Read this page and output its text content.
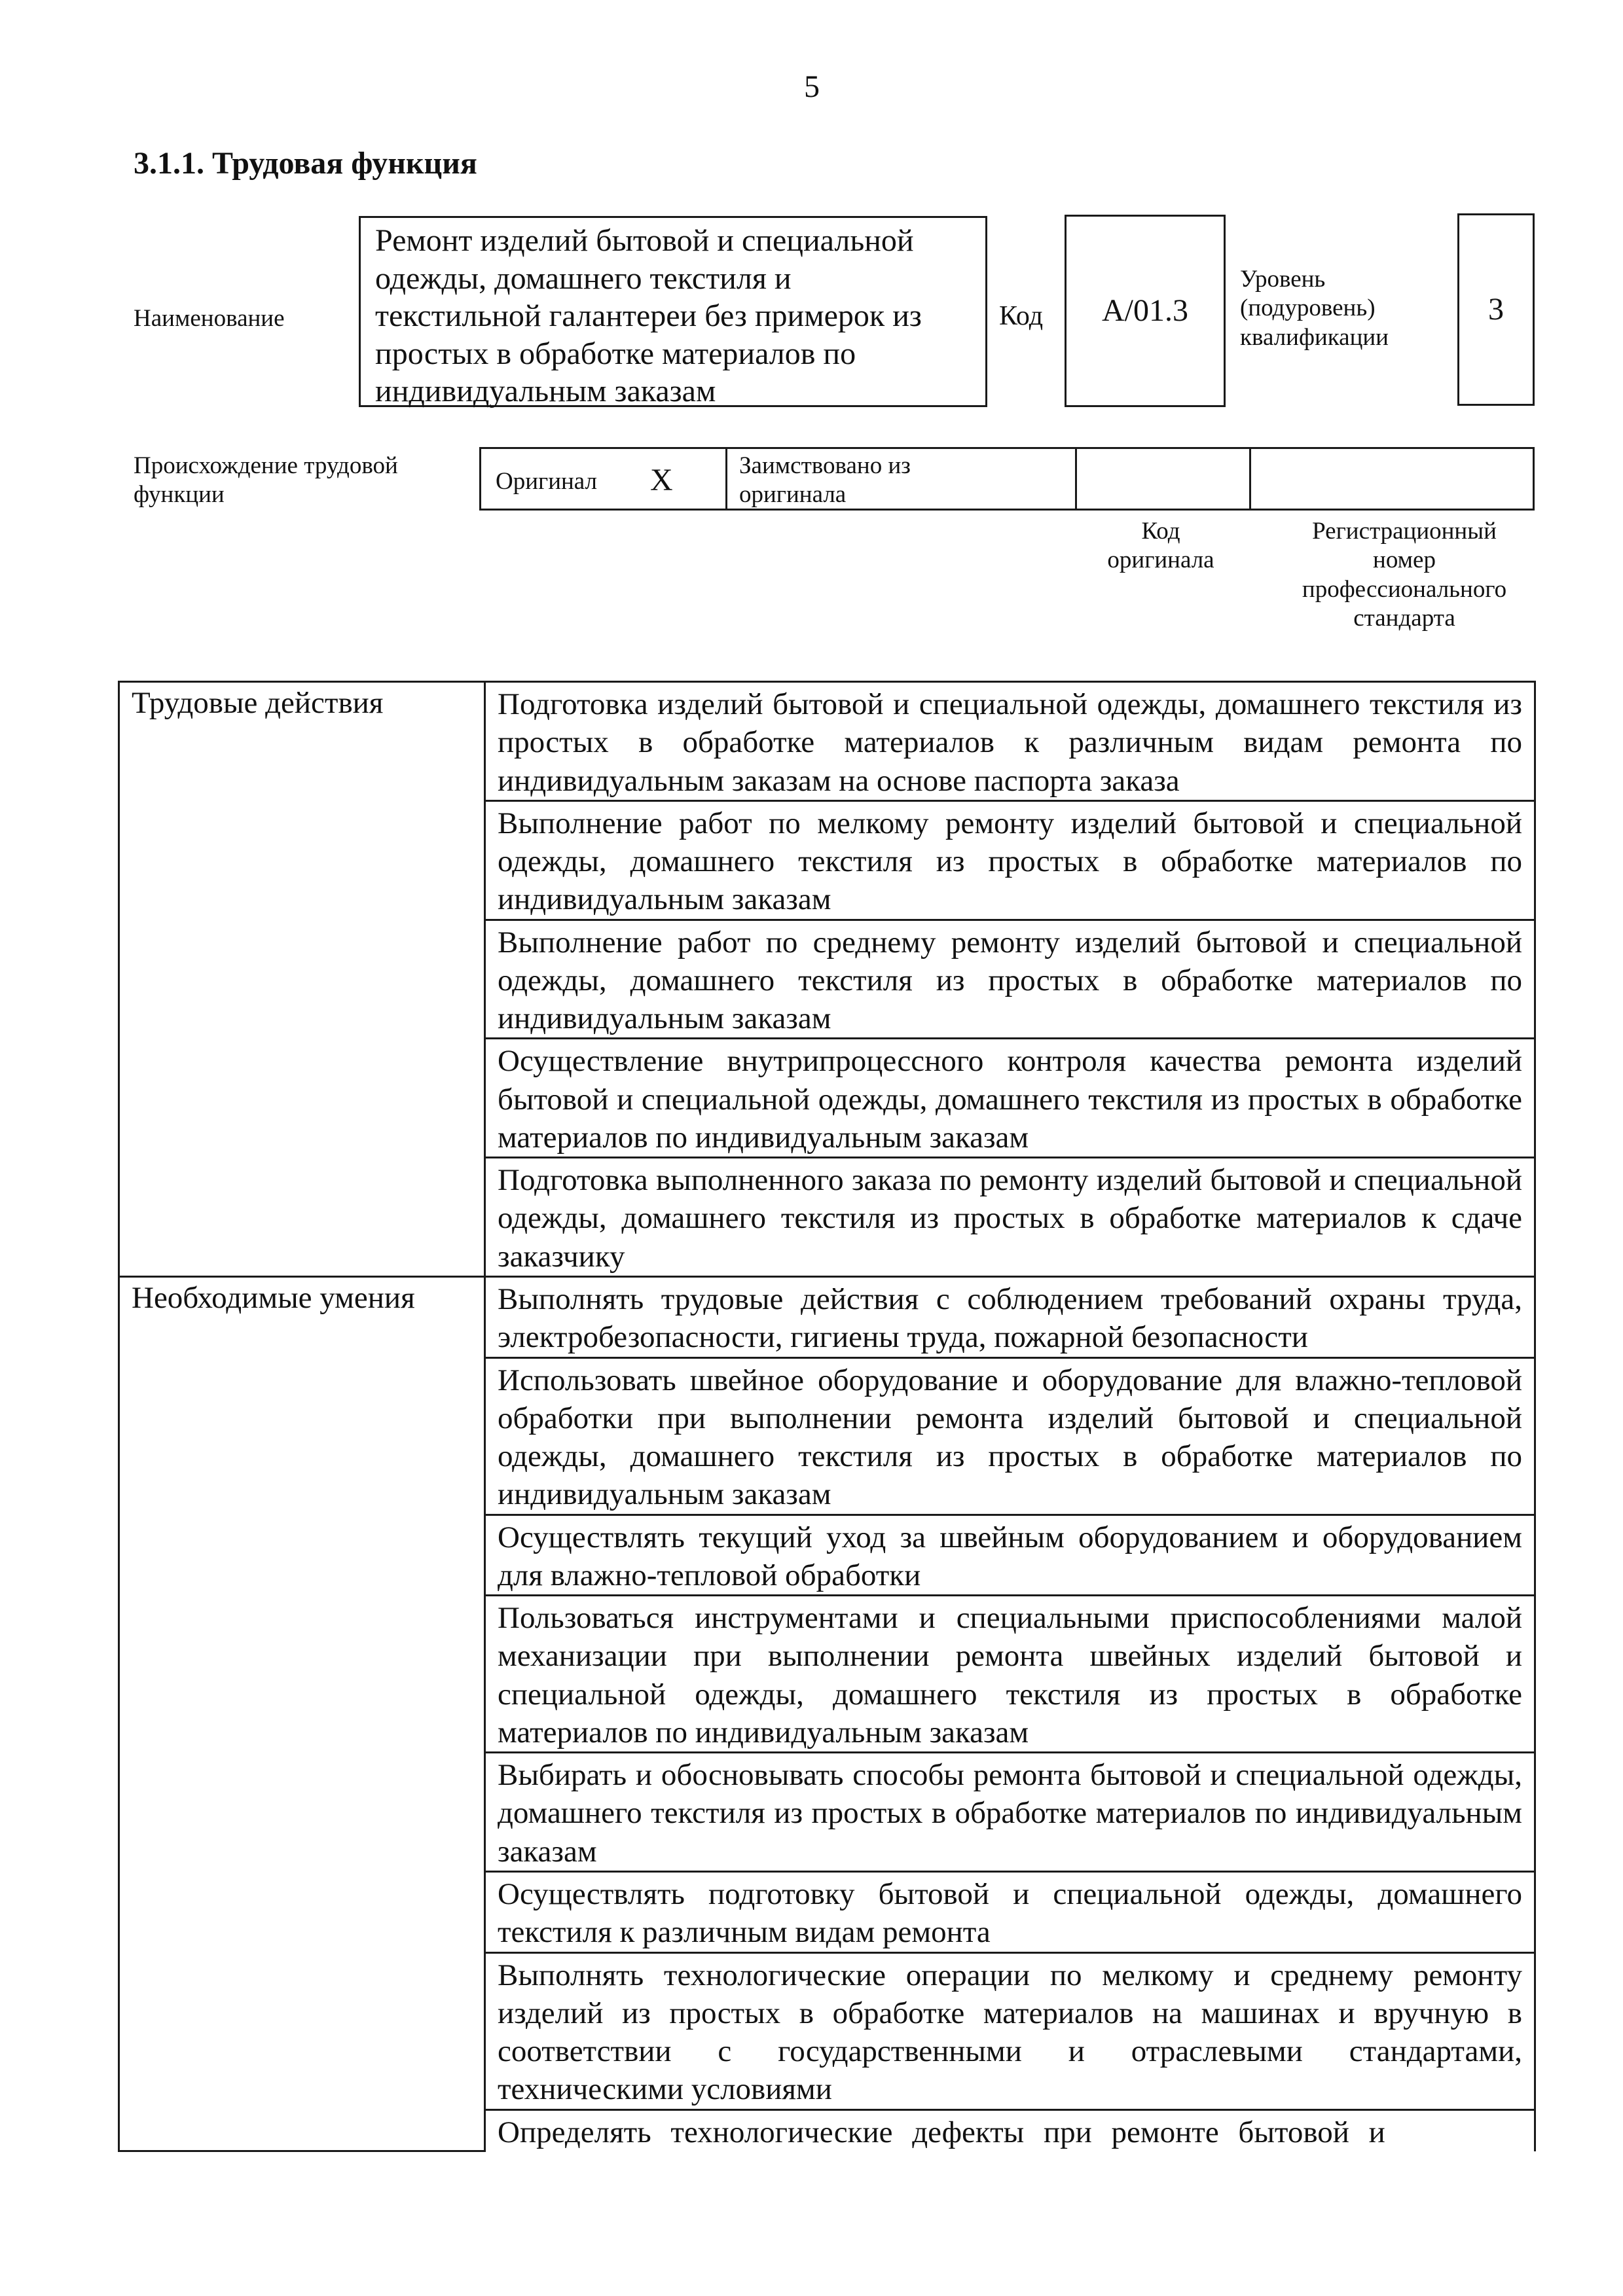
5
3.1.1. Трудовая функция
Наименование
Ремонт изделий бытовой и специальной
одежды, домашнего текстиля и
текстильной галантереи без примерок из
простых в обработке материалов по
индивидуальным заказам
Код А/01.3
Уровень
(подуровень)
квалификации
3
Происхождение трудовой
функции	Оригинал X	Заимствовано из
оригинала
Код
оригинала
Регистрационный
номер
профессионального
стандарта
Трудовые действия	Подготовка изделий бытовой и специальной одежды, домашнего текстиля из простых в обработке материалов к различным видам ремонта по индивидуальным заказам на основе паспорта заказа
	Выполнение работ по мелкому ремонту изделий бытовой и специальной одежды, домашнего текстиля из простых в обработке материалов по индивидуальным заказам
	Выполнение работ по среднему ремонту изделий бытовой и специальной одежды, домашнего текстиля из простых в обработке материалов по индивидуальным заказам
	Осуществление внутрипроцессного контроля качества ремонта изделий бытовой и специальной одежды, домашнего текстиля из простых в обработке материалов по индивидуальным заказам
	Подготовка выполненного заказа по ремонту изделий бытовой и специальной одежды, домашнего текстиля из простых в обработке материалов к сдаче заказчику
Необходимые умения	Выполнять трудовые действия с соблюдением требований охраны труда, электробезопасности, гигиены труда, пожарной безопасности
	Использовать швейное оборудование и оборудование для влажно-тепловой обработки при выполнении ремонта изделий бытовой и специальной одежды, домашнего текстиля из простых в обработке материалов по индивидуальным заказам
	Осуществлять текущий уход за швейным оборудованием и оборудованием для влажно-тепловой обработки
	Пользоваться инструментами и специальными приспособлениями малой механизации при выполнении ремонта швейных изделий бытовой и специальной одежды, домашнего текстиля из простых в обработке материалов по индивидуальным заказам
	Выбирать и обосновывать способы ремонта бытовой и специальной одежды, домашнего текстиля из простых в обработке материалов по индивидуальным заказам
	Осуществлять подготовку бытовой и специальной одежды, домашнего текстиля к различным видам ремонта
	Выполнять технологические операции по мелкому и среднему ремонту изделий из простых в обработке материалов на машинах и вручную в соответствии с государственными и отраслевыми стандартами, техническими условиями
	Определять технологические дефекты при ремонте бытовой и
